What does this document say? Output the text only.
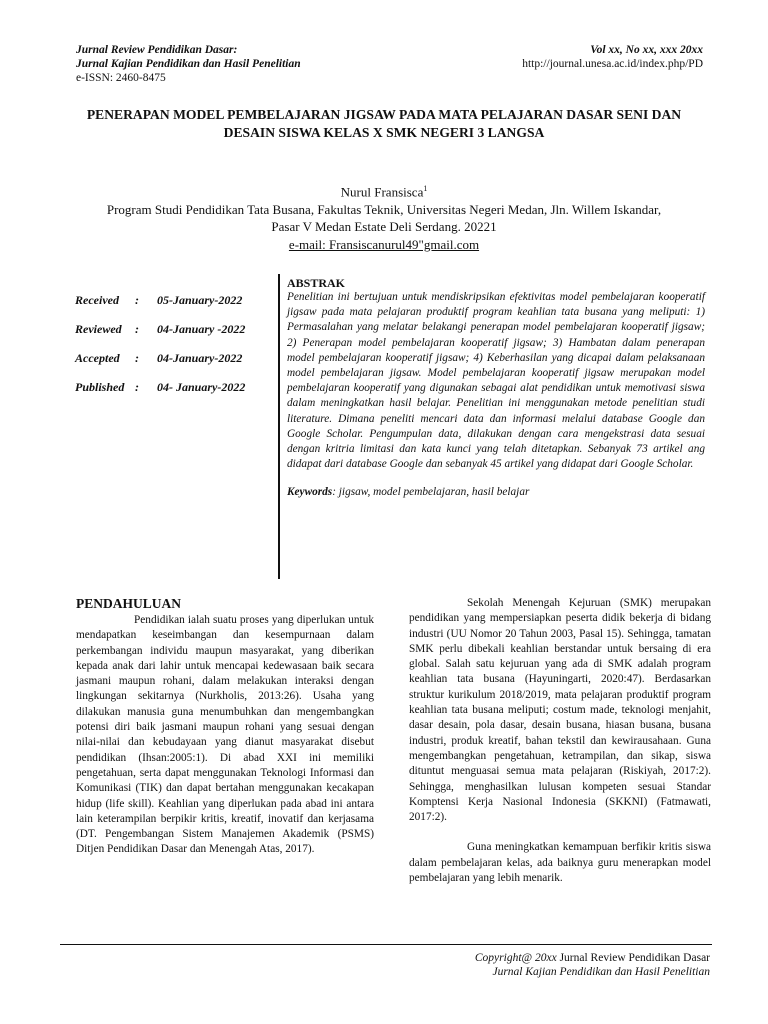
Jurnal Review Pendidikan Dasar:
Jurnal Kajian Pendidikan dan Hasil Penelitian
e-ISSN: 2460-8475
Vol xx, No xx, xxx 20xx
http://journal.unesa.ac.id/index.php/PD
PENERAPAN MODEL PEMBELAJARAN JIGSAW PADA MATA PELAJARAN DASAR SENI DAN DESAIN SISWA KELAS X SMK NEGERI 3 LANGSA
Nurul Fransisca$^1$
Program Studi Pendidikan Tata Busana, Fakultas Teknik, Universitas Negeri Medan, Jln. Willem Iskandar,
Pasar V Medan Estate Deli Serdang. 20221
e-mail: Fransiscanurul49"gmail.com
Received	:	05-January-2022
Reviewed	:	04-January -2022
Accepted	:	04-January-2022
Published :	04- January-2022
ABSTRAK

Penelitian ini bertujuan untuk mendiskripsikan efektivitas model pembelajaran kooperatif jigsaw pada mata pelajaran produktif program keahlian tata busana yang meliputi: 1) Permasalahan yang melatar belakangi penerapan model pembelajaran kooperatif jigsaw; 2) Penerapan model pembelajaran kooperatif jigsaw; 3) Hambatan dalam penerapan model pembelajaran kooperatif jigsaw; 4) Keberhasilan yang dicapai dalam pelaksanaan model pembelajaran jigsaw. Model pembelajaran kooperatif jigsaw merupakan model pembelajaran kooperatif yang digunakan sebagai alat pendidikan untuk memotivasi siswa dalam meningkatkan hasil belajar. Penelitian ini menggunakan metode penelitian studi literature. Dimana peneliti mencari data dan informasi melalui database Google dan Google Scholar. Pengumpulan data, dilakukan dengan cara mengekstrasi data sesuai dengan kritria limitasi dan kata kunci yang telah ditetapkan. Sebanyak 73 artikel ang didapat dari database Google dan sebanyak 45 artikel yang didapat dari Google Scholar.

Keywords: jigsaw, model pembelajaran, hasil belajar
PENDAHULUAN

Pendidikan ialah suatu proses yang diperlukan untuk mendapatkan keseimbangan dan kesempurnaan dalam perkembangan individu maupun masyarakat, yang diberikan kepada anak dari lahir untuk mencapai kedewasaan baik secara jasmani maupun rohani, dalam melakukan interaksi dengan lingkungan sekitarnya (Nurkholis, 2013:26). Usaha yang dilakukan manusia guna menumbuhkan dan mengembangkan potensi diri baik jasmani maupun rohani yang sesuai dengan nilai-nilai dan kebudayaan yang dianut masyarakat disebut pendidikan (Ihsan:2005:1). Di abad XXI ini memiliki pengetahuan, serta dapat menggunakan Teknologi Informasi dan Komunikasi (TIK) dan dapat bertahan menggunakan kecakapan hidup (life skill). Keahlian yang diperlukan pada abad ini antara lain keterampilan berpikir kritis, kreatif, inovatif dan kerjasama (DT. Pengembangan Sistem Manajemen Akademik (PSMS) Ditjen Pendidikan Dasar dan Menengah Atas, 2017).

Sekolah Menengah Kejuruan (SMK) merupakan pendidikan yang mempersiapkan peserta didik bekerja di bidang industri (UU Nomor 20 Tahun 2003, Pasal 15). Sehingga, tamatan SMK perlu dibekali keahlian berstandar untuk bersaing di era global. Salah satu kejuruan yang ada di SMK adalah program keahlian tata busana (Hayuningarti, 2020:47). Berdasarkan struktur kurikulum 2018/2019, mata pelajaran produktif program keahlian tata busana meliputi; costum made, teknologi menjahit, dasar desain, pola dasar, desain busana, hiasan busana, busana industri, produk kreatif, bahan tekstil dan kewirausahaan. Guna mengembangkan pengetahuan, ketrampilan, dan sikap, siswa dituntut menguasai semua mata pelajaran (Riskiyah, 2017:2). Sehingga, menghasilkan lulusan kompeten sesuai Standar Komptensi Kerja Nasional Indonesia (SKKNI) (Fatmawati, 2017:2).

Guna meningkatkan kemampuan berfikir kritis siswa dalam pembelajaran kelas, ada baiknya guru menerapkan model pembelajaran yang lebih menarik.

Copyright@ 20xx Jurnal Review Pendidikan Dasar
Jurnal Kajian Pendidikan dan Hasil Penelitian
